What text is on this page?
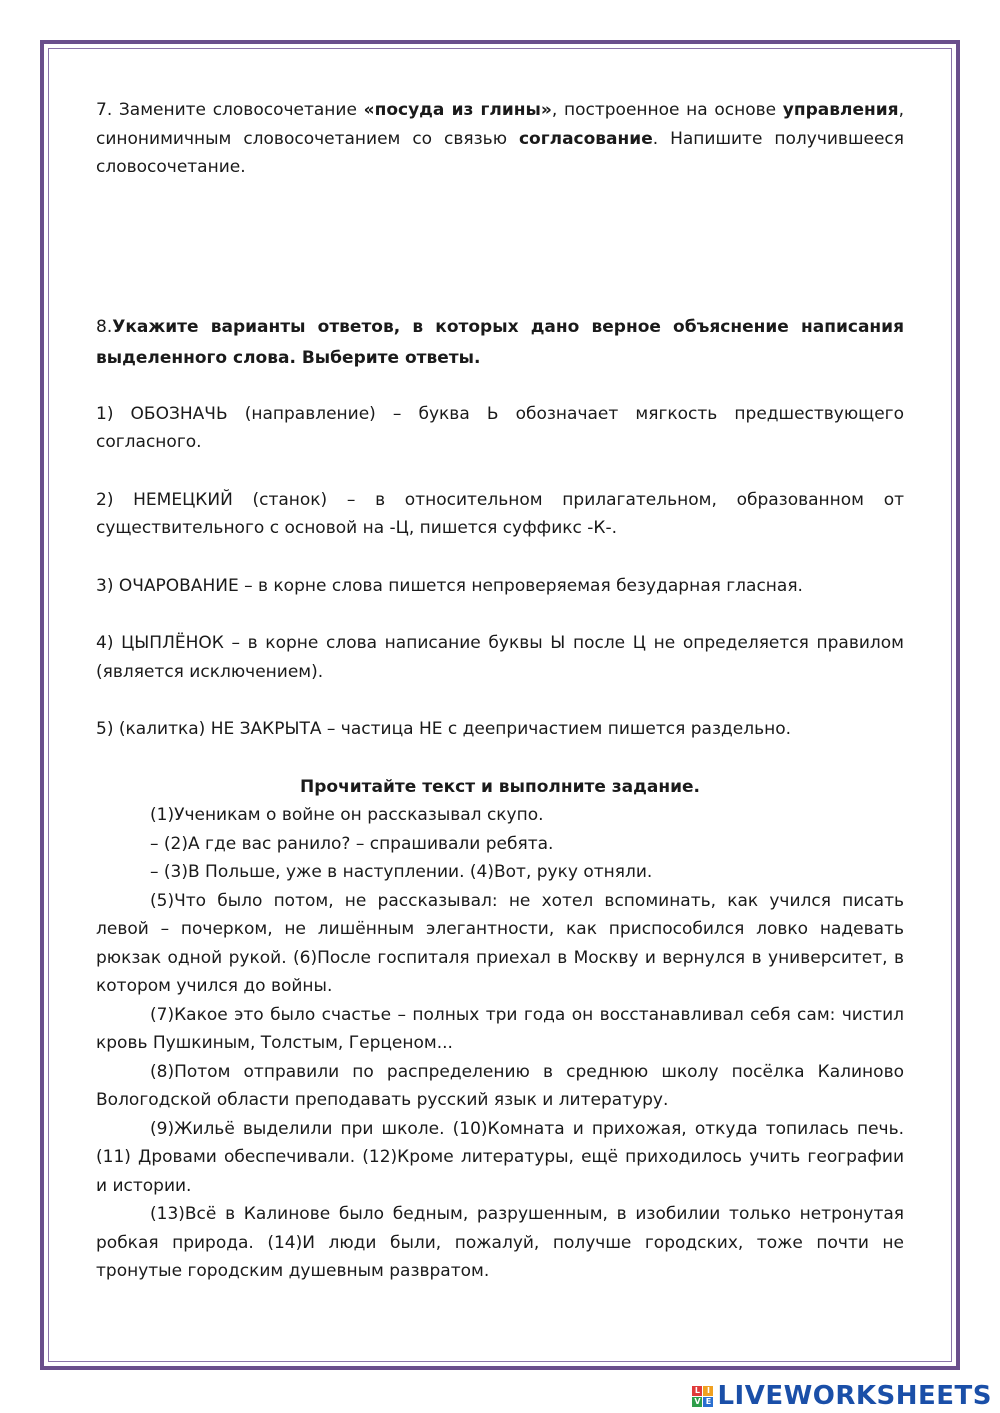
7. Замените словосочетание «посуда из глины», построенное на основе управления, синонимичным словосочетанием со связью согласование. Напишите получившееся словосочетание.

8.Укажите варианты ответов, в которых дано верное объяснение написания выделенного слова. Выберите ответы.

1) ОБОЗНАЧЬ (направление) – буква Ь обозначает мягкость предшествующего согласного.

2) НЕМЕЦКИЙ (станок) – в относительном прилагательном, образованном от существительного с основой на -Ц, пишется суффикс -К-.

3) ОЧАРОВАНИЕ – в корне слова пишется непроверяемая безударная гласная.

4) ЦЫПЛЁНОК – в корне слова написание буквы Ы после Ц не определяется правилом (является исключением).

5) (калитка) НЕ ЗАКРЫТА – частица НЕ с деепричастием пишется раздельно.

Прочитайте текст и выполните задание.

(1)Ученикам о войне он рассказывал скупо.

– (2)А где вас ранило? – спрашивали ребята.

– (3)В Польше, уже в наступлении. (4)Вот, руку отняли.

(5)Что было потом, не рассказывал: не хотел вспоминать, как учился писать левой – почерком, не лишённым элегантности, как приспособился ловко надевать рюкзак одной рукой. (6)После госпиталя приехал в Москву и вернулся в университет, в котором учился до войны.

(7)Какое это было счастье – полных три года он восстанавливал себя сам: чистил кровь Пушкиным, Толстым, Герценом...

(8)Потом отправили по распределению в среднюю школу посёлка Калиново Вологодской области преподавать русский язык и литературу.

(9)Жильё выделили при школе. (10)Комната и прихожая, откуда топилась печь. (11) Дровами обеспечивали. (12)Кроме литературы, ещё приходилось учить географии и истории.

(13)Всё в Калинове было бедным, разрушенным, в изобилии только нетронутая робкая природа. (14)И люди были, пожалуй, получше городских, тоже почти не тронутые городским душевным развратом.

L I
V E LIVEWORKSHEETS
